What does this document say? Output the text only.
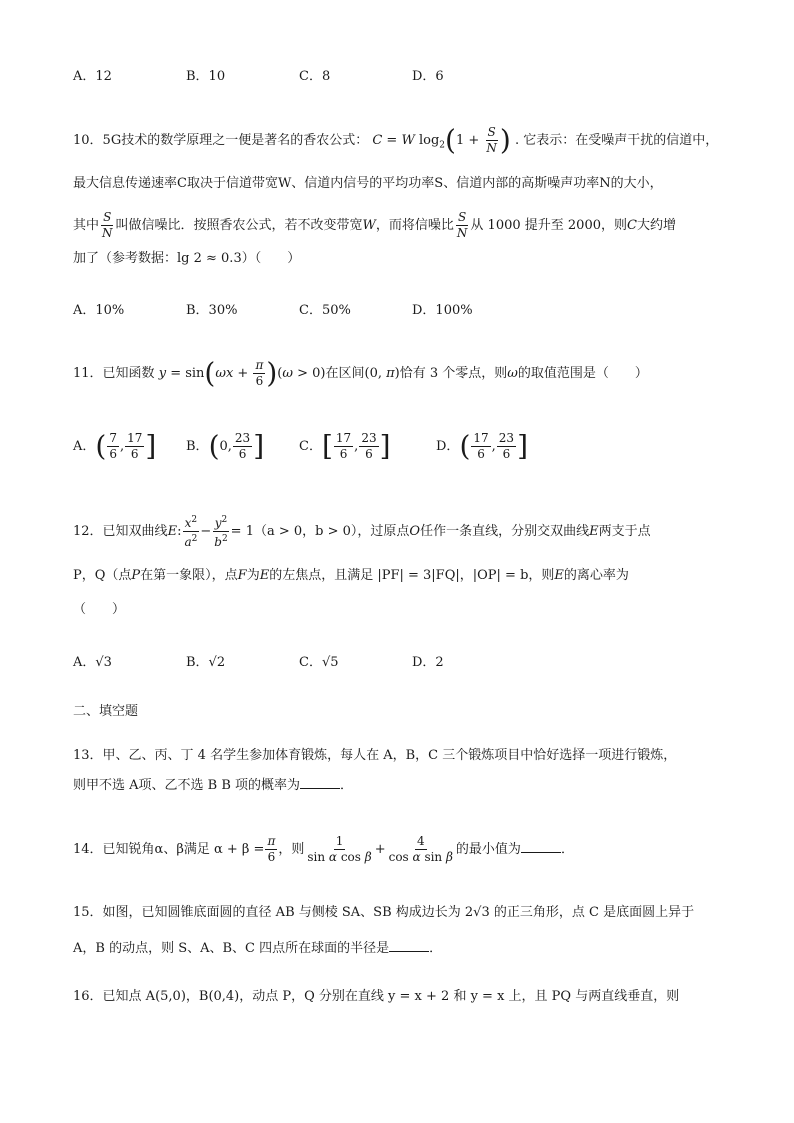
A．12	B．10	C．8	D．6
10．5G技术的数学原理之一便是著名的香农公式： C = W $\log_2(1 + \frac{S}{N}$ ) . 它表示：在受噪声干扰的信道中，
最大信息传递速率C取决于信道带宽W、信道内信号的平均功率S、信道内部的高斯噪声功率N的大小，
其中 $\frac{S}{N}$ 叫做信噪比．按照香农公式，若不改变带宽W，而将信噪比 $\frac{S}{N}$ 从 1000 提升至 2000，则C大约增
加了（参考数据：lg 2 ≈ 0.3）（　　）
A．10%	B．30%	C．50%	D．100%
11．已知函数 $y = \sin(\omega x + \frac{\pi}{6} )(\omega > 0)$在区间(0, π)恰有 3 个零点，则ω的取值范围是（　　）
A．( $\frac{7}{6}$ , $\frac{17}{6}$ ] B．(0, $\frac{23}{6}$ ]	C．[ $\frac{17}{6}$ , $\frac{23}{6}$ ]	D．( $\frac{17}{6}$ , $\frac{23}{6}$ ]
12．已知双曲线E: $\frac{x^2}{a^2} - \frac{y^2}{b^2} = 1(a > 0$，b > 0），过原点O任作一条直线，分别交双曲线E两支于点
P，Q（点P在第一象限），点F为E的左焦点，且满足 |PF| = 3|FQ|，|OP| = b，则E的离心率为
（　　）
A．√3	B．√2	C．√5	D．2
二、填空题
13．甲、乙、丙、丁 4 名学生参加体育锻炼，每人在 A，B，C 三个锻炼项目中恰好选择一项进行锻炼，
则甲不选 A项、乙不选 B B 项的概率为	．
14．已知锐角α、β满足 $\alpha + \beta = \frac{\pi}{6}$ ，则 $\frac{1}{\text{sin α cos β}} + \frac{4}{\text{cos α sin β}}$ 的最小值为	．
15．如图，已知圆锥底面圆的直径 AB 与侧棱 SA、SB 构成边长为 2√3 的正三角形，点 C 是底面圆上异于
A，B 的动点，则 S、A、B、C 四点所在球面的半径是	．
16．已知点 A(5,0)，B(0,4)，动点 P，Q 分别在直线 y = x + 2 和 y = x 上，且 PQ 与两直线垂直，则
